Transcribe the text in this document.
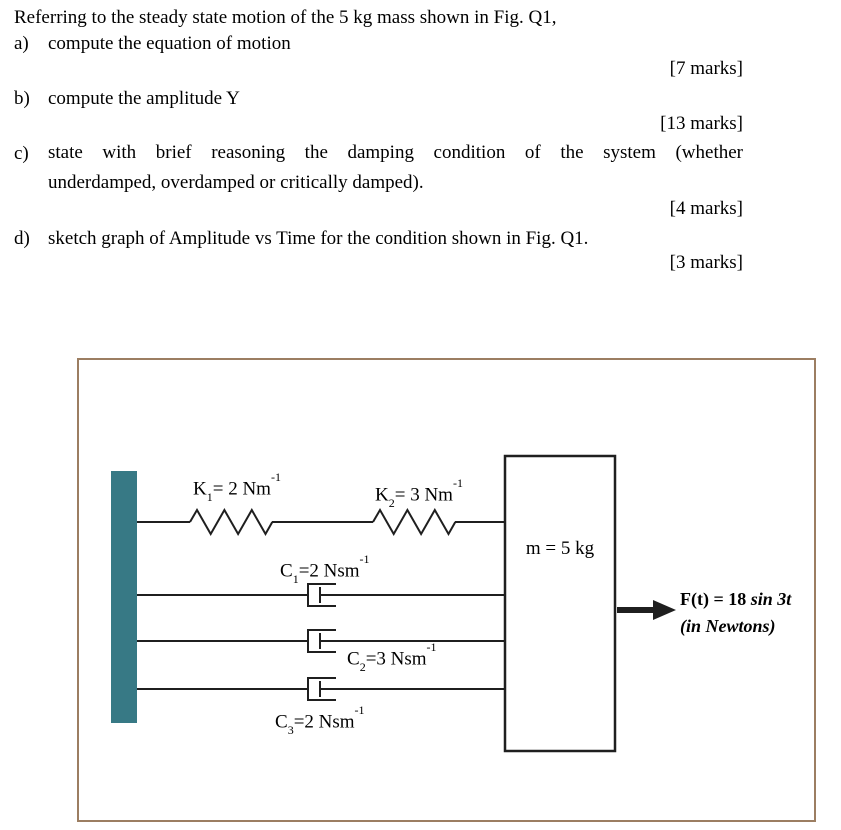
Referring to the steady state motion of the 5 kg mass shown in Fig. Q1,
a) compute the equation of motion
[7 marks]
b) compute the amplitude Y
[13 marks]
c) state with brief reasoning the damping condition of the system (whether
underdamped, overdamped or critically damped).
[4 marks]
d) sketch graph of Amplitude vs Time for the condition shown in Fig. Q1.
[3 marks]
$K_1= 2$ $Nm^{-1}$
$K_2= 3$ $Nm^{-1}$
$C_1=2$ Nsm$^{-1}$
$C_2=3$ Nsm$^{-1}$
$C_3=2$ Nsm$^{-1}$
m = 5 kg
F(t) = 18 sin 3t
(in Newtons)
